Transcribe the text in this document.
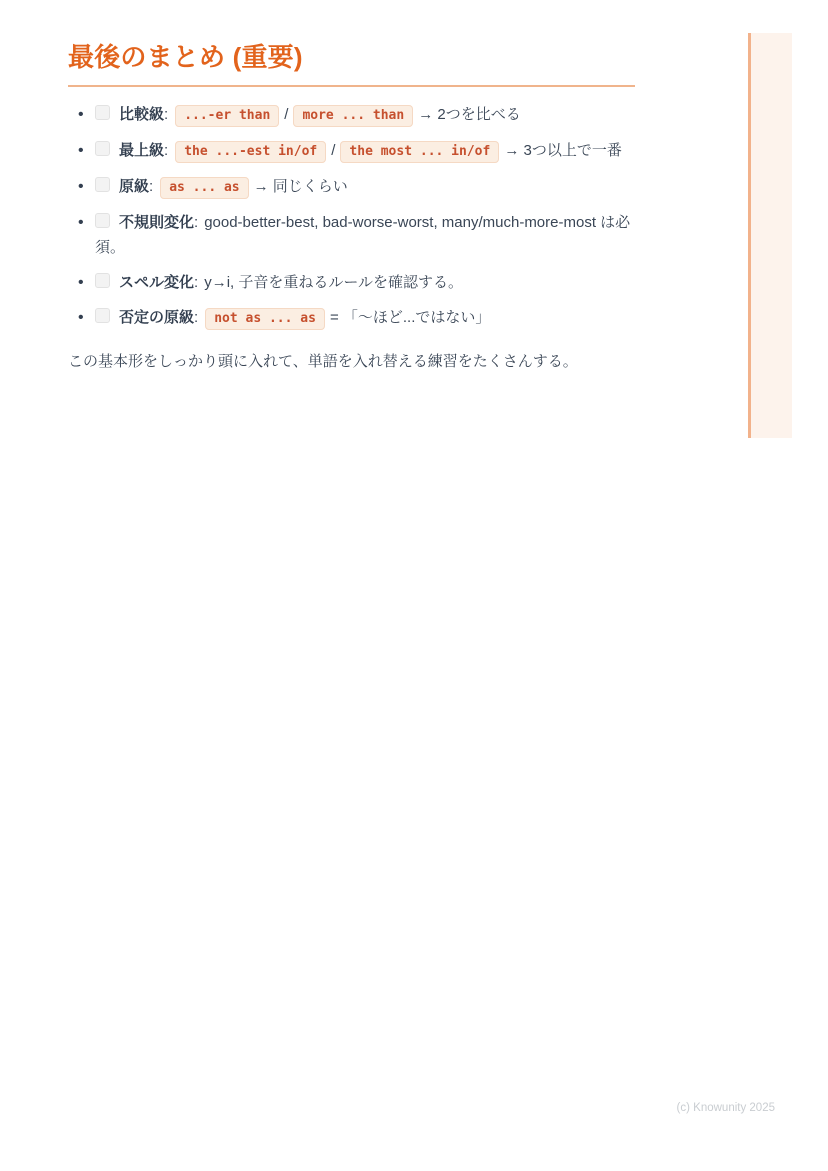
最後のまとめ (重要)
• 比較級: ...-er than / more ... than → 2つを比べる
• 最上級: the ...-est in/of / the most ... in/of → 3つ以上で一番
• 原級: as ... as → 同じくらい
• 不規則変化: good-better-best, bad-worse-worst, many/much-more-most は必須。
• スペル変化: y→i, 子音を重ねるルールを確認する。
• 否定の原級: not as ... as = 「〜ほど...ではない」

この基本形をしっかり頭に入れて、単語を入れ替える練習をたくさんする。

(c) Knowunity 2025
